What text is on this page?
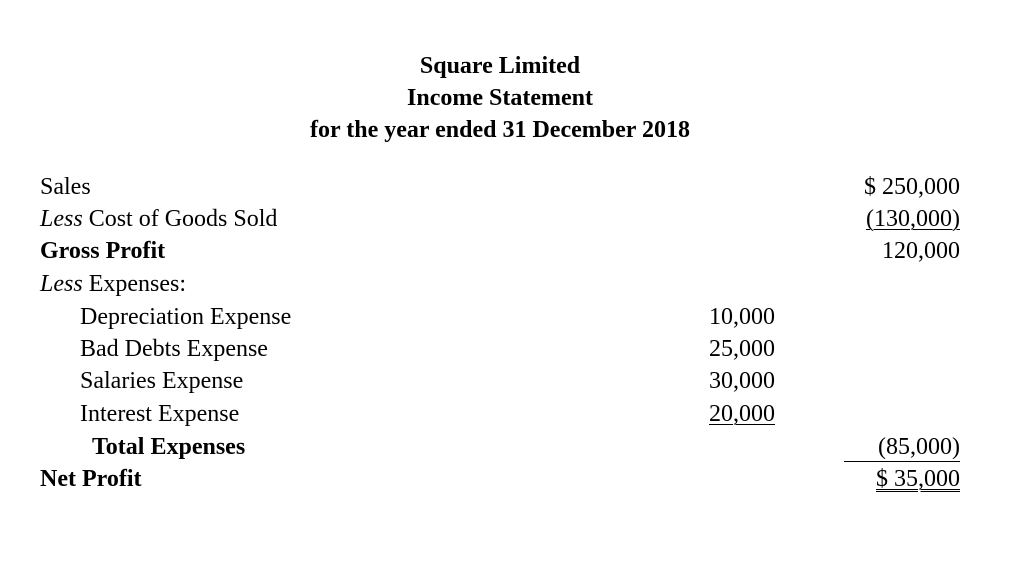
Square Limited
Income Statement
for the year ended 31 December 2018
Sales	$ 250,000
Less Cost of Goods Sold	(130,000)
Gross Profit	120,000
Less Expenses:
Depreciation Expense	10,000
Bad Debts Expense	25,000
Salaries Expense	30,000
Interest Expense	20,000
Total Expenses	(85,000)
Net Profit	$ 35,000
